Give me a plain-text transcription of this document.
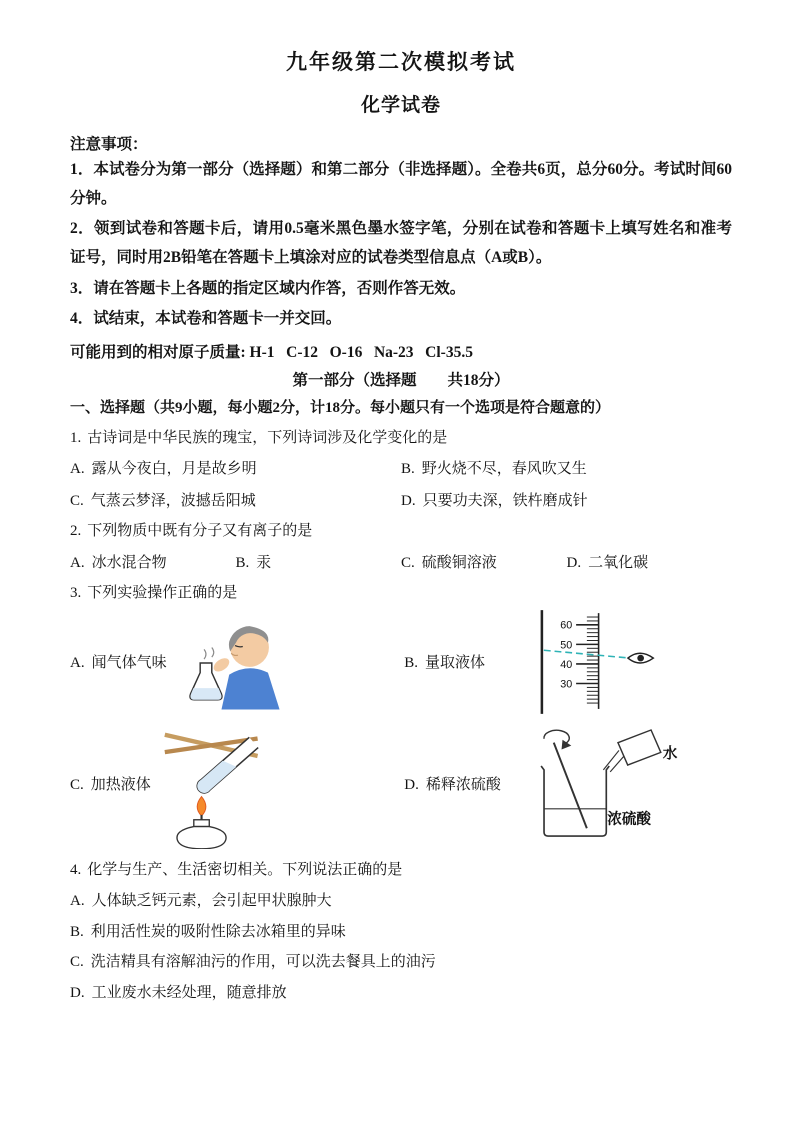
九年级第二次模拟考试
化学试卷
注意事项：

1．本试卷分为第一部分（选择题）和第二部分（非选择题）。全卷共6页，总分60分。考试时间60分钟。

2．领到试卷和答题卡后，请用0.5毫米黑色墨水签字笔，分别在试卷和答题卡上填写姓名和准考证号，同时用2B铅笔在答题卡上填涂对应的试卷类型信息点（A或B）。

3．请在答题卡上各题的指定区域内作答，否则作答无效。

4．试结束，本试卷和答题卡一并交回。

可能用到的相对原子质量: H-1   C-12   O-16   Na-23   Cl-35.5
第一部分（选择题　　共18分）
一、选择题（共9小题，每小题2分，计18分。每小题只有一个选项是符合题意的）
1. 古诗词是中华民族的瑰宝，下列诗词涉及化学变化的是
A. 露从今夜白，月是故乡明	B. 野火烧不尽，春风吹又生
C. 气蒸云梦泽，波撼岳阳城	D. 只要功夫深，铁杵磨成针
2. 下列物质中既有分子又有离子的是
A. 冰水混合物	B. 汞	C. 硫酸铜溶液	D. 二氧化碳
3. 下列实验操作正确的是
A. 闻气体气味	B. 量取液体
60
50
40
30
C. 加热液体	D. 稀释浓硫酸
水
浓硫酸
4. 化学与生产、生活密切相关。下列说法正确的是
A. 人体缺乏钙元素，会引起甲状腺肿大
B. 利用活性炭的吸附性除去冰箱里的异味
C. 洗洁精具有溶解油污的作用，可以洗去餐具上的油污
D. 工业废水未经处理，随意排放
